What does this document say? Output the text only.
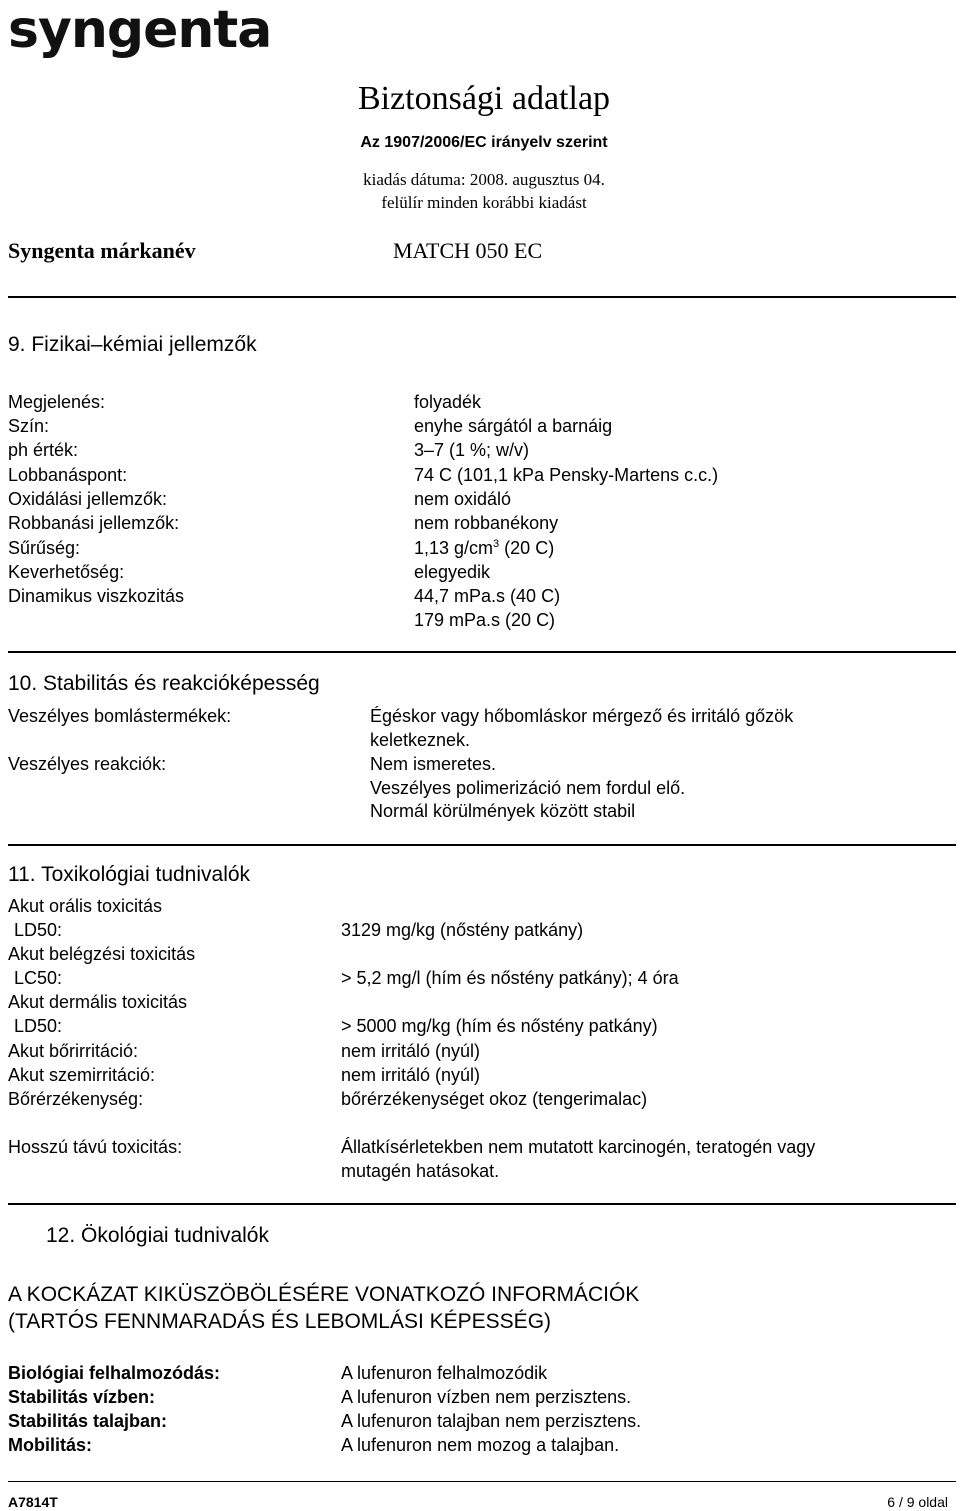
syngenta
Biztonsági adatlap
Az 1907/2006/EC irányelv szerint
kiadás dátuma: 2008. augusztus 04.
felülír minden korábbi kiadást
Syngenta márkanév	MATCH 050 EC
9. Fizikai–kémiai jellemzők
Megjelenés:	folyadék
Szín:	enyhe sárgától a barnáig
ph érték:	3–7 (1 %; w/v)
Lobbanáspont:	74 C (101,1 kPa Pensky-Martens c.c.)
Oxidálási jellemzők:	nem oxidáló
Robbanási jellemzők:	nem robbanékony
Sűrűség:	1,13 $g/cm^3$ (20 C)
Keverhetőség:	elegyedik
Dinamikus viszkozitás	44,7 mPa.s (40 C)
179 mPa.s (20 C)
10. Stabilitás és reakcióképesség
Veszélyes bomlástermékek:	Égéskor vagy hőbomláskor mérgező és irritáló gőzök
keletkeznek.
Veszélyes reakciók:	Nem ismeretes.
Veszélyes polimerizáció nem fordul elő.
Normál körülmények között stabil
11. Toxikológiai tudnivalók
Akut orális toxicitás
LD50:	3129 mg/kg (nőstény patkány)
Akut belégzési toxicitás
LC50:	> 5,2 mg/l (hím és nőstény patkány); 4 óra
Akut dermális toxicitás
LD50:	> 5000 mg/kg (hím és nőstény patkány)
Akut bőrirritáció:	nem irritáló (nyúl)
Akut szemirritáció:	nem irritáló (nyúl)
Bőrérzékenység:	bőrérzékenységet okoz (tengerimalac)
Hosszú távú toxicitás:	Állatkísérletekben nem mutatott karcinogén, teratogén vagy
mutagén hatásokat.
12. Ökológiai tudnivalók
A KOCKÁZAT KIKÜSZÖBÖLÉSÉRE VONATKOZÓ INFORMÁCIÓK
(TARTÓS FENNMARADÁS ÉS LEBOMLÁSI KÉPESSÉG)
Biológiai felhalmozódás:	A lufenuron felhalmozódik
Stabilitás vízben:	A lufenuron vízben nem perzisztens.
Stabilitás talajban:	A lufenuron talajban nem perzisztens.
Mobilitás:	A lufenuron nem mozog a talajban.
A7814T	6 / 9 oldal
